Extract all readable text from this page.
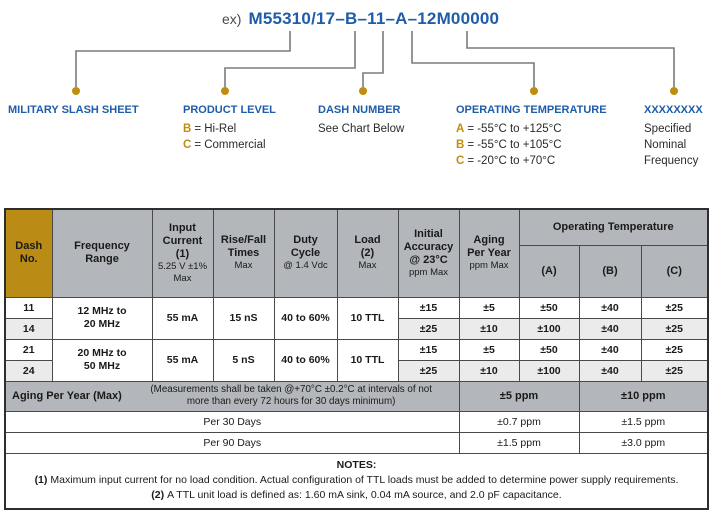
ex) M55310/17–B–11–A–12M00000
MILITARY SLASH SHEET	PRODUCT LEVEL
B = Hi-Rel
C = Commercial
DASH NUMBER
See Chart Below
OPERATING TEMPERATURE
A = -55°C to +125°C
B = -55°C to +105°C
C = -20°C to +70°C
XXXXXXXX
Specified
Nominal
Frequency
Dash
No.	Frequency
Range	Input
Current
(1)
5.25 V ±1%
Max	Rise/Fall
Times
Max	Duty
Cycle
@ 1.4 Vdc	Load
(2)
Max	Initial
Accuracy
@ 23°C
ppm Max	Aging
Per Year
ppm Max	Operating Temperature		

								(A)	(B)	(C)

11	12 MHz to
20 MHz	55 mA	15 nS	40 to 60%	10 TTL	±15	±5	±50	±40	±25
14						±25	±10	±100	±40	±25
21	20 MHz to
50 MHz	55 mA	5 nS	40 to 60%	10 TTL	±15	±5	±50	±40	±25
24						±25	±10	±100	±40	±25

Aging Per Year (Max)
(Measurements shall be taken @+70°C ±0.2°C at intervals of not
more than every 72 hours for 30 days minimum)							±5 ppm		±10 ppm	
Per 30 Days							±0.7 ppm		±1.5 ppm	
Per 90 Days							±1.5 ppm		±3.0 ppm	

NOTES:
(1) Maximum input current for no load condition. Actual configuration of TTL loads must be added to determine power supply requirements.
(2) A TTL unit load is defined as: 1.60 mA sink, 0.04 mA source, and 2.0 pF capacitance.										
